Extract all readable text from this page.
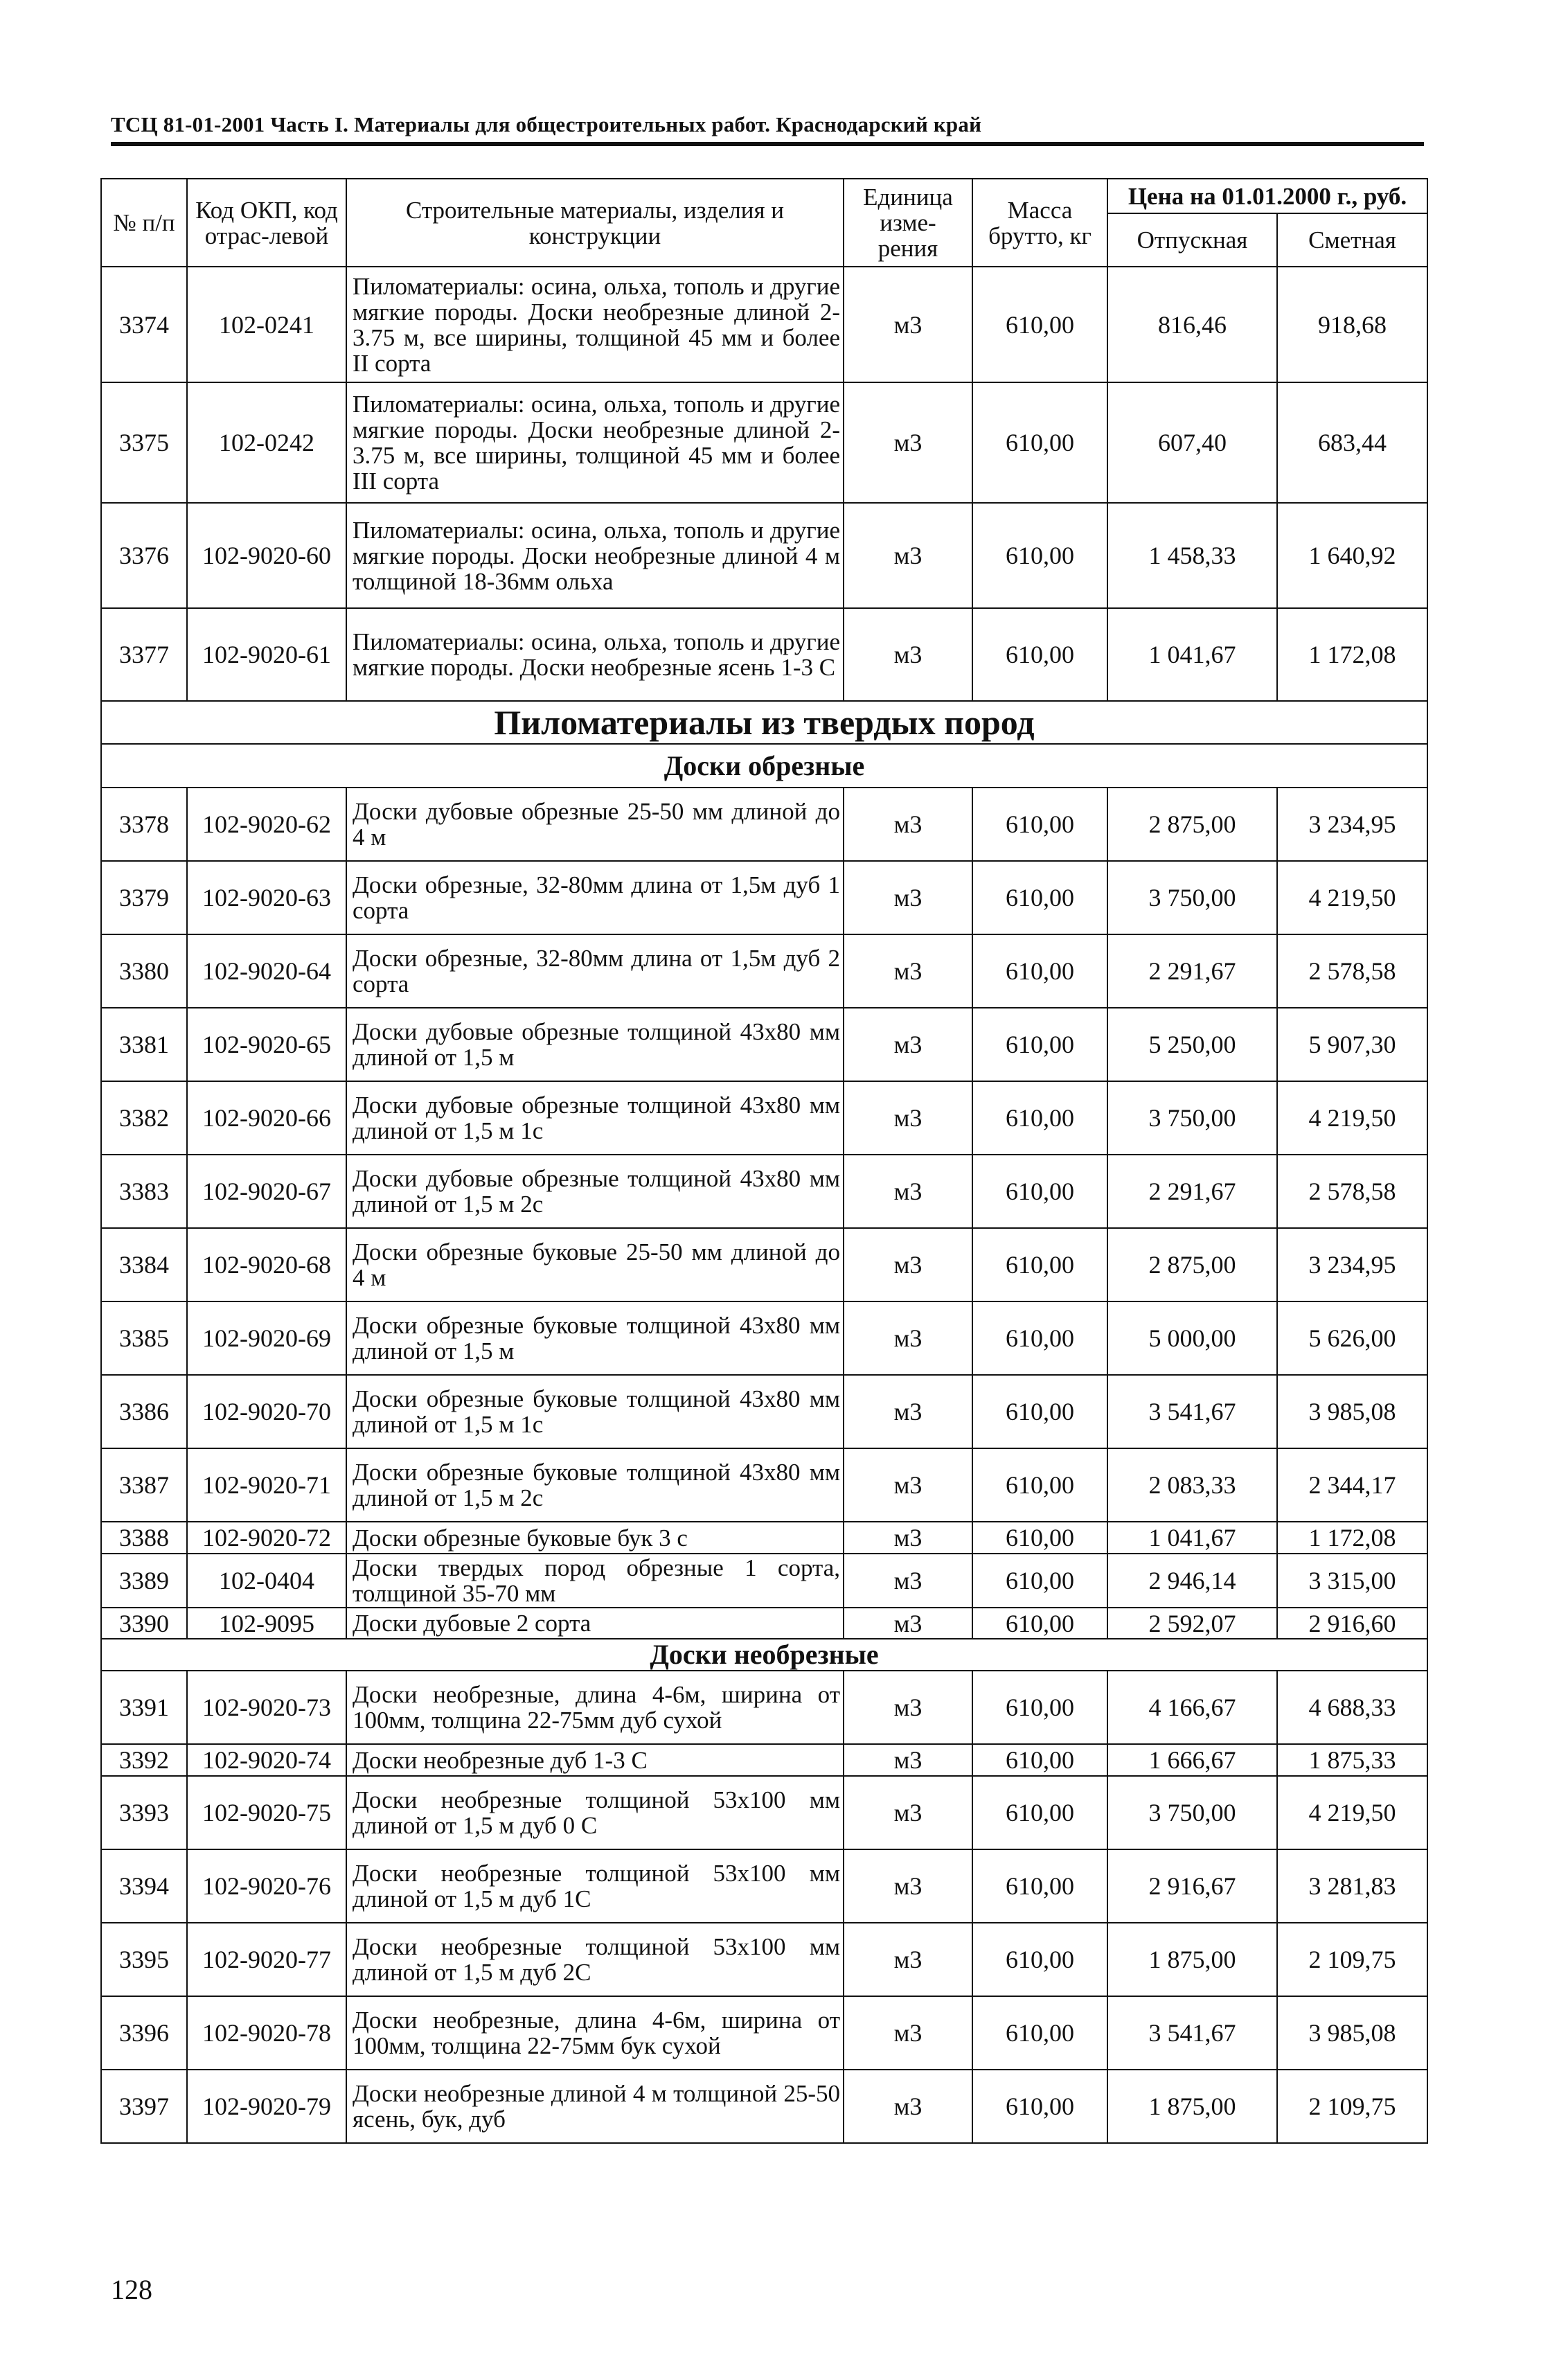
ТСЦ 81-01-2001 Часть I. Материалы для общестроительных работ. Краснодарский край
№ п/п	Код ОКП, код отрас-левой	Строительные материалы, изделия и конструкции	Единица изме-рения	Масса брутто, кг	Цена на 01.01.2000 г., руб.	
					Отпускная	Сметная
3374	102-0241	Пиломатериалы: осина, ольха, тополь и другие мягкие породы. Доски необрезные длиной 2-3.75 м, все ширины, толщиной 45 мм и более II сорта	м3	610,00	816,46	918,68
3375	102-0242	Пиломатериалы: осина, ольха, тополь и другие мягкие породы. Доски необрезные длиной 2-3.75 м, все ширины, толщиной 45 мм и более III сорта	м3	610,00	607,40	683,44
3376	102-9020-60	Пиломатериалы: осина, ольха, тополь и другие мягкие породы. Доски необрезные длиной 4 м толщиной 18-36мм ольха	м3	610,00	1 458,33	1 640,92
3377	102-9020-61	Пиломатериалы: осина, ольха, тополь и другие мягкие породы. Доски необрезные ясень 1-3 С	м3	610,00	1 041,67	1 172,08
Пиломатериалы из твердых пород						
Доски обрезные						
3378	102-9020-62	Доски дубовые обрезные 25-50 мм длиной до 4 м	м3	610,00	2 875,00	3 234,95
3379	102-9020-63	Доски обрезные, 32-80мм длина от 1,5м дуб 1 сорта	м3	610,00	3 750,00	4 219,50
3380	102-9020-64	Доски обрезные, 32-80мм длина от 1,5м дуб 2 сорта	м3	610,00	2 291,67	2 578,58
3381	102-9020-65	Доски дубовые обрезные толщиной 43х80 мм длиной от 1,5 м	м3	610,00	5 250,00	5 907,30
3382	102-9020-66	Доски дубовые обрезные толщиной 43х80 мм длиной от 1,5 м 1с	м3	610,00	3 750,00	4 219,50
3383	102-9020-67	Доски дубовые обрезные толщиной 43х80 мм длиной от 1,5 м 2с	м3	610,00	2 291,67	2 578,58
3384	102-9020-68	Доски обрезные буковые 25-50 мм длиной до 4 м	м3	610,00	2 875,00	3 234,95
3385	102-9020-69	Доски обрезные буковые толщиной 43х80 мм длиной от 1,5 м	м3	610,00	5 000,00	5 626,00
3386	102-9020-70	Доски обрезные буковые толщиной 43х80 мм длиной от 1,5 м 1с	м3	610,00	3 541,67	3 985,08
3387	102-9020-71	Доски обрезные буковые толщиной 43х80 мм длиной от 1,5 м 2с	м3	610,00	2 083,33	2 344,17
3388	102-9020-72	Доски обрезные буковые бук 3 с	м3	610,00	1 041,67	1 172,08
3389	102-0404	Доски твердых пород обрезные 1 сорта, толщиной 35-70 мм	м3	610,00	2 946,14	3 315,00
3390	102-9095	Доски дубовые 2 сорта	м3	610,00	2 592,07	2 916,60
Доски необрезные						
3391	102-9020-73	Доски необрезные, длина 4-6м, ширина от 100мм, толщина 22-75мм дуб сухой	м3	610,00	4 166,67	4 688,33
3392	102-9020-74	Доски необрезные дуб 1-3 С	м3	610,00	1 666,67	1 875,33
3393	102-9020-75	Доски необрезные толщиной 53х100 мм длиной от 1,5 м дуб 0 С	м3	610,00	3 750,00	4 219,50
3394	102-9020-76	Доски необрезные толщиной 53х100 мм длиной от 1,5 м дуб 1С	м3	610,00	2 916,67	3 281,83
3395	102-9020-77	Доски необрезные толщиной 53х100 мм длиной от 1,5 м дуб 2С	м3	610,00	1 875,00	2 109,75
3396	102-9020-78	Доски необрезные, длина 4-6м, ширина от 100мм, толщина 22-75мм бук сухой	м3	610,00	3 541,67	3 985,08
3397	102-9020-79	Доски необрезные длиной 4 м толщиной 25-50 ясень, бук, дуб	м3	610,00	1 875,00	2 109,75
128
